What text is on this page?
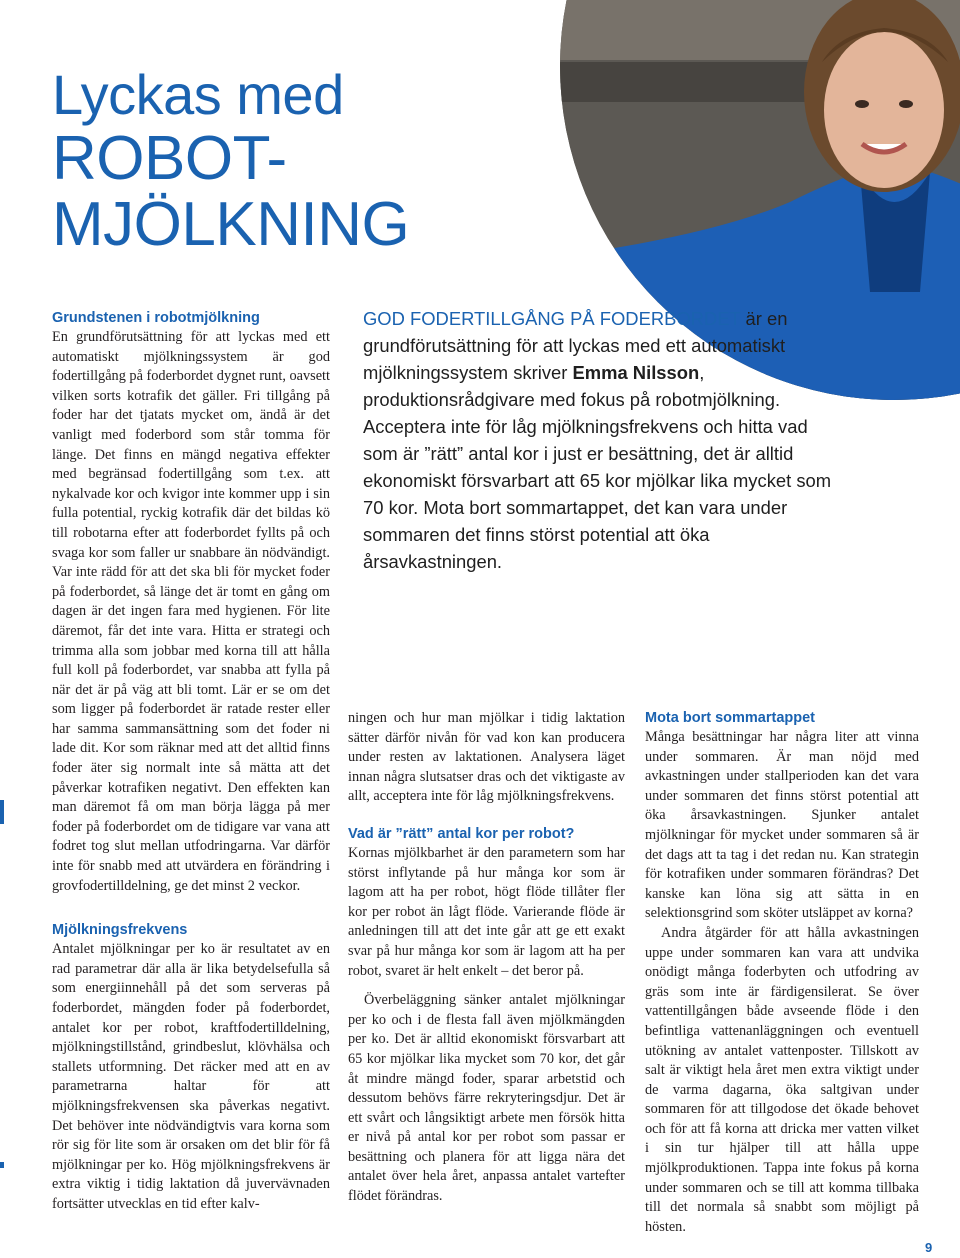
Lyckas med
ROBOT-
MJÖLKNING

Grundstenen i robotmjölkning

En grundförutsättning för att lyckas med ett automatiskt mjölkningssystem är god fodertillgång på foderbordet dygnet runt, oavsett vilken sorts kotrafik det gäller. Fri tillgång på foder har det tjatats mycket om, ändå är det vanligt med foderbord som står tomma för länge. Det finns en mängd negativa effekter med begränsad fodertillgång som t.ex. att nykalvade kor och kvigor inte kommer upp i sin fulla potential, ryckig kotrafik där det bildas kö till robotarna efter att foderbordet fyllts på och svaga kor som faller ur snabbare än nödvändigt. Var inte rädd för att det ska bli för mycket foder på foderbordet, så länge det är tomt en gång om dagen är det ingen fara med hygienen. För lite däremot, får det inte vara. Hitta er strategi och trimma alla som jobbar med korna till att hålla full koll på foderbordet, var snabba att fylla på när det är på väg att bli tomt. Lär er se om det som ligger på foderbordet är ratade rester eller har samma sammansättning som det foder ni lade dit. Kor som räknar med att det alltid finns foder äter sig normalt inte så mätta att det påverkar kotrafiken negativt. Den effekten kan man däremot få om man börja lägga på mer foder på foderbordet om de tidigare var vana att fodret tog slut mellan utfodringarna. Var därför inte för snabb med att utvärdera en förändring i grovfodertilldelning, ge det minst 2 veckor.

Mjölkningsfrekvens

Antalet mjölkningar per ko är resultatet av en rad parametrar där alla är lika betydelsefulla så som energiinnehåll på det som serveras på foderbordet, mängden foder på foderbordet, antalet kor per robot, kraftfodertilldelning, mjölkningstillstånd, grindbeslut, klövhälsa och stallets utformning. Det räcker med att en av parametrarna haltar för att mjölkningsfrekvensen ska påverkas negativt. Det behöver inte nödvändigtvis vara korna som rör sig för lite som är orsaken om det blir för få mjölkningar per ko. Hög mjölkningsfrekvens är extra viktig i tidig laktation då juvervävnaden fortsätter utvecklas en tid efter kalv-

GOD FODERTILLGÅNG PÅ FODERBORDET är en grundförutsättning för att lyckas med ett automatiskt mjölkningssystem skriver Emma Nilsson, produktionsrådgivare med fokus på robotmjölkning. Acceptera inte för låg mjölkningsfrekvens och hitta vad som är ”rätt” antal kor i just er besättning, det är alltid ekonomiskt försvarbart att 65 kor mjölkar lika mycket som 70 kor. Mota bort sommartappet, det kan vara under sommaren det finns störst potential att öka årsavkastningen.

ningen och hur man mjölkar i tidig laktation sätter därför nivån för vad kon kan producera under resten av laktationen. Analysera läget innan några slutsatser dras och det viktigaste av allt, acceptera inte för låg mjölkningsfrekvens.

Vad är ”rätt” antal kor per robot?

Kornas mjölkbarhet är den parametern som har störst inflytande på hur många kor som är lagom att ha per robot, högt flöde tillåter fler kor per robot än lågt flöde. Varierande flöde är anledningen till att det inte går att ge ett exakt svar på hur många kor som är lagom att ha per robot, svaret är helt enkelt – det beror på.

Överbeläggning sänker antalet mjölkningar per ko och i de flesta fall även mjölkmängden per ko. Det är alltid ekonomiskt försvarbart att 65 kor mjölkar lika mycket som 70 kor, det går åt mindre mängd foder, sparar arbetstid och dessutom behövs färre rekryteringsdjur. Det är ett svårt och långsiktigt arbete men försök hitta er nivå på antal kor per robot som passar er besättning och planera för att ligga nära det antalet över hela året, anpassa antalet vartefter flödet förändras.

Mota bort sommartappet

Många besättningar har några liter att vinna under sommaren. Är man nöjd med avkastningen under stallperioden kan det vara under sommaren det finns störst potential att öka årsavkastningen. Sjunker antalet mjölkningar för mycket under sommaren så är det dags att ta tag i det redan nu. Kan strategin för kotrafiken under sommaren förändras? Det kanske kan löna sig att sätta in en selektionsgrind som sköter utsläppet av korna?

Andra åtgärder för att hålla avkastningen uppe under sommaren kan vara att undvika onödigt många foderbyten och utfodring av gräs som inte är färdigensilerat. Se över vattentillgången både avseende flöde i den befintliga vattenanläggningen och eventuell utökning av antalet vattenposter. Tillskott av salt är viktigt hela året men extra viktigt under de varma dagarna, öka saltgivan under sommaren för att tillgodose det ökade behovet och för att få korna att dricka mer vatten vilket i sin tur hjälper till att hålla uppe mjölkproduktionen. Tappa inte fokus på korna under sommaren och se till att komma tillbaka till det normala så snabbt som möjligt på hösten.

9
